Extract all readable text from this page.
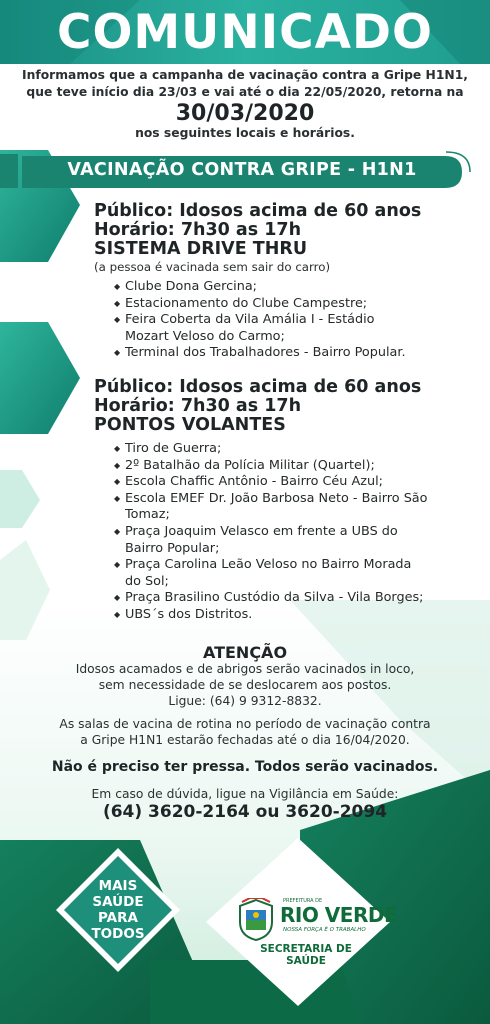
COMUNICADO
Informamos que a campanha de vacinação contra a Gripe H1N1,
que teve início dia 23/03 e vai até o dia 22/05/2020, retorna na
30/03/2020
nos seguintes locais e horários.
VACINAÇÃO CONTRA GRIPE - H1N1
Público: Idosos acima de 60 anos
Horário: 7h30 as 17h
SISTEMA DRIVE THRU
(a pessoa é vacinada sem sair do carro)
◆ Clube Dona Gercina;
◆ Estacionamento do Clube Campestre;
◆ Feira Coberta da Vila Amália I - Estádio Mozart Veloso do Carmo;
◆ Terminal dos Trabalhadores - Bairro Popular.
Público: Idosos acima de 60 anos
Horário: 7h30 as 17h
PONTOS VOLANTES
◆ Tiro de Guerra;
◆ 2º Batalhão da Polícia Militar (Quartel);
◆ Escola Chaffic Antônio - Bairro Céu Azul;
◆ Escola EMEF Dr. João Barbosa Neto - Bairro São Tomaz;
◆ Praça Joaquim Velasco em frente a UBS do Bairro Popular;
◆ Praça Carolina Leão Veloso no Bairro Morada do Sol;
◆ Praça Brasilino Custódio da Silva - Vila Borges;
◆ UBS´s dos Distritos.
ATENÇÃO
Idosos acamados e de abrigos serão vacinados in loco,
sem necessidade de se deslocarem aos postos.
Ligue: (64) 9 9312-8832.
As salas de vacina de rotina no período de vacinação contra
a Gripe H1N1 estarão fechadas até o dia 16/04/2020.
Não é preciso ter pressa. Todos serão vacinados.
Em caso de dúvida, ligue na Vigilância em Saúde:
(64) 3620-2164 ou 3620-2094
MAIS
SAÚDE
PARA
TODOS
PREFEITURA DE
RIO VERDE
NOSSA FORÇA É O TRABALHO
SECRETARIA DE SAÚDE
